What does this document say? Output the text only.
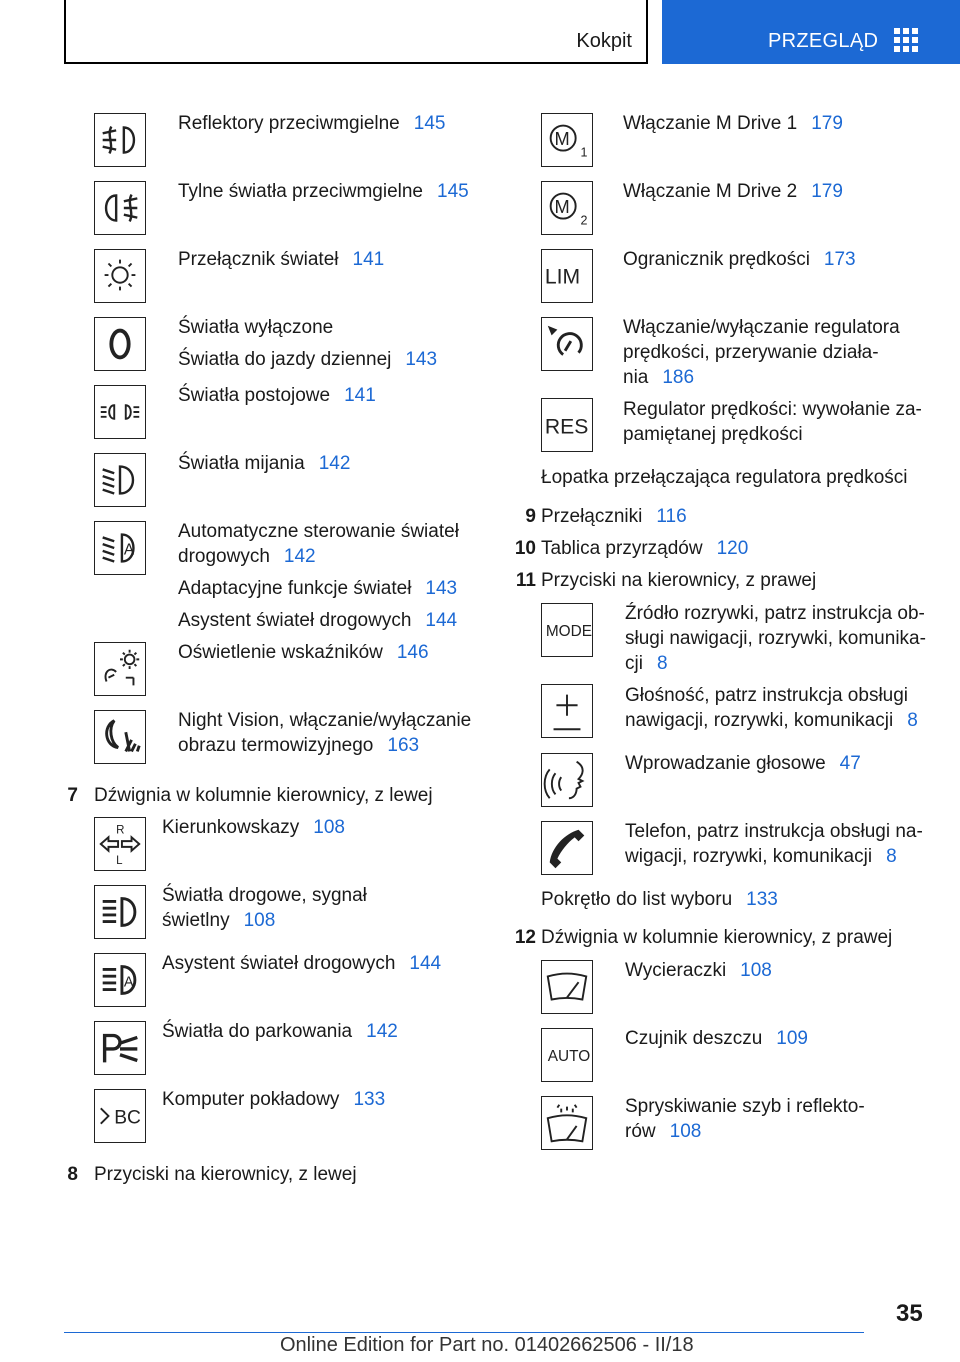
Kokpit	PRZEGLĄD
Reflektory przeciwmgielne 145
Tylne światła przeciwmgielne 145
Przełącznik świateł 141
Światła wyłączone
Światła do jazdy dziennej 143
Światła postojowe 141
Światła mijania 142
A
Automatyczne sterowanie świateł
drogowych 142
Adaptacyjne funkcje świateł 143
Asystent świateł drogowych 144
Oświetlenie wskaźników 146
Night Vision, włączanie/wyłączanie
obrazu termowizyjnego 163
7 Dźwignia w kolumnie kierownicy, z lewej
R
L
Kierunkowskazy 108
Światła drogowe, sygnał
świetlny 108
A
Asystent świateł drogowych 144
Światła do parkowania 142
BC
Komputer pokładowy 133
8 Przyciski na kierownicy, z lewej
M
1
Włączanie M Drive 1 179
M
2
Włączanie M Drive 2 179
LIM
Ogranicznik prędkości 173
Włączanie/wyłączanie regulatora
prędkości, przerywanie działa-
nia 186
RES
Regulator prędkości: wywołanie za-
pamiętanej prędkości
Łopatka przełączająca regulatora prędkości
9 Przełączniki 116
10 Tablica przyrządów 120
11 Przyciski na kierownicy, z prawej
MODE
Źródło rozrywki, patrz instrukcja ob-
sługi nawigacji, rozrywki, komunika-
cji 8
Głośność, patrz instrukcja obsługi
nawigacji, rozrywki, komunikacji 8
Wprowadzanie głosowe 47
Telefon, patrz instrukcja obsługi na-
wigacji, rozrywki, komunikacji 8
Pokrętło do list wyboru 133
12 Dźwignia w kolumnie kierownicy, z prawej
Wycieraczki 108
AUTO
Czujnik deszczu 109
Spryskiwanie szyb i reflekto-
rów 108
35
Online Edition for Part no. 01402662506 - II/18
